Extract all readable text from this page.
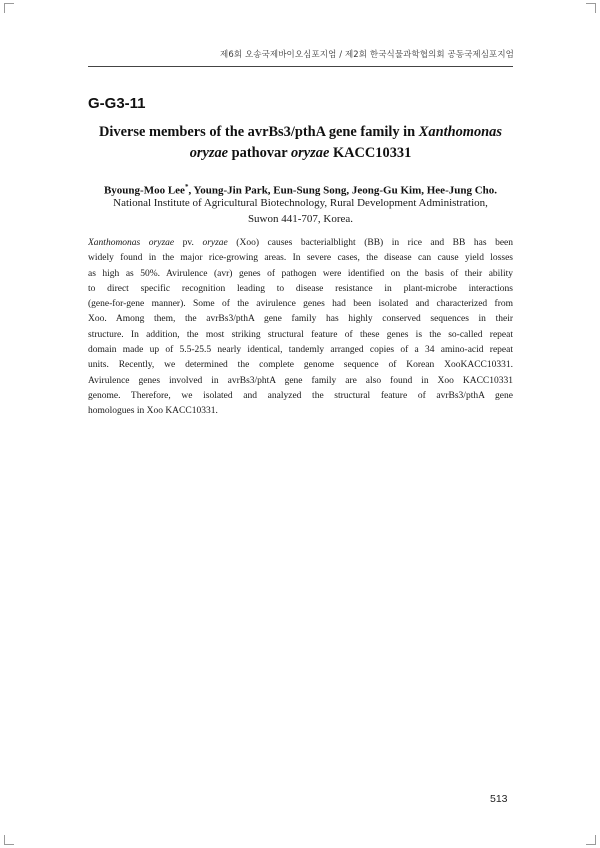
제6회 오송국제바이오심포지엄 / 제2회 한국식물과학협의회 공동국제심포지엄
G-G3-11
Diverse members of the avrBs3/pthA gene family in Xanthomonas
oryzae pathovar oryzae KACC10331
Byoung-Moo Lee*, Young-Jin Park, Eun-Sung Song, Jeong-Gu Kim, Hee-Jung Cho.
National Institute of Agricultural Biotechnology, Rural Development Administration,
Suwon 441-707, Korea.
Xanthomonas oryzae pv. oryzae (Xoo) causes bacterialblight (BB) in rice and BB has been
widely found in the major rice-growing areas. In severe cases, the disease can cause yield losses
as high as 50%. Avirulence (avr) genes of pathogen were identified on the basis of their ability
to direct specific recognition leading to disease resistance in plant-microbe interactions
(gene-for-gene manner). Some of the avirulence genes had been isolated and characterized from
Xoo. Among them, the avrBs3/pthA gene family has highly conserved sequences in their
structure. In addition, the most striking structural feature of these genes is the so-called repeat
domain made up of 5.5-25.5 nearly identical, tandemly arranged copies of a 34 amino-acid repeat
units. Recently, we determined the complete genome sequence of Korean XooKACC10331.
Avirulence genes involved in avrBs3/phtA gene family are also found in Xoo KACC10331
genome. Therefore, we isolated and analyzed the structural feature of avrBs3/pthA gene
homologues in Xoo KACC10331.
513
